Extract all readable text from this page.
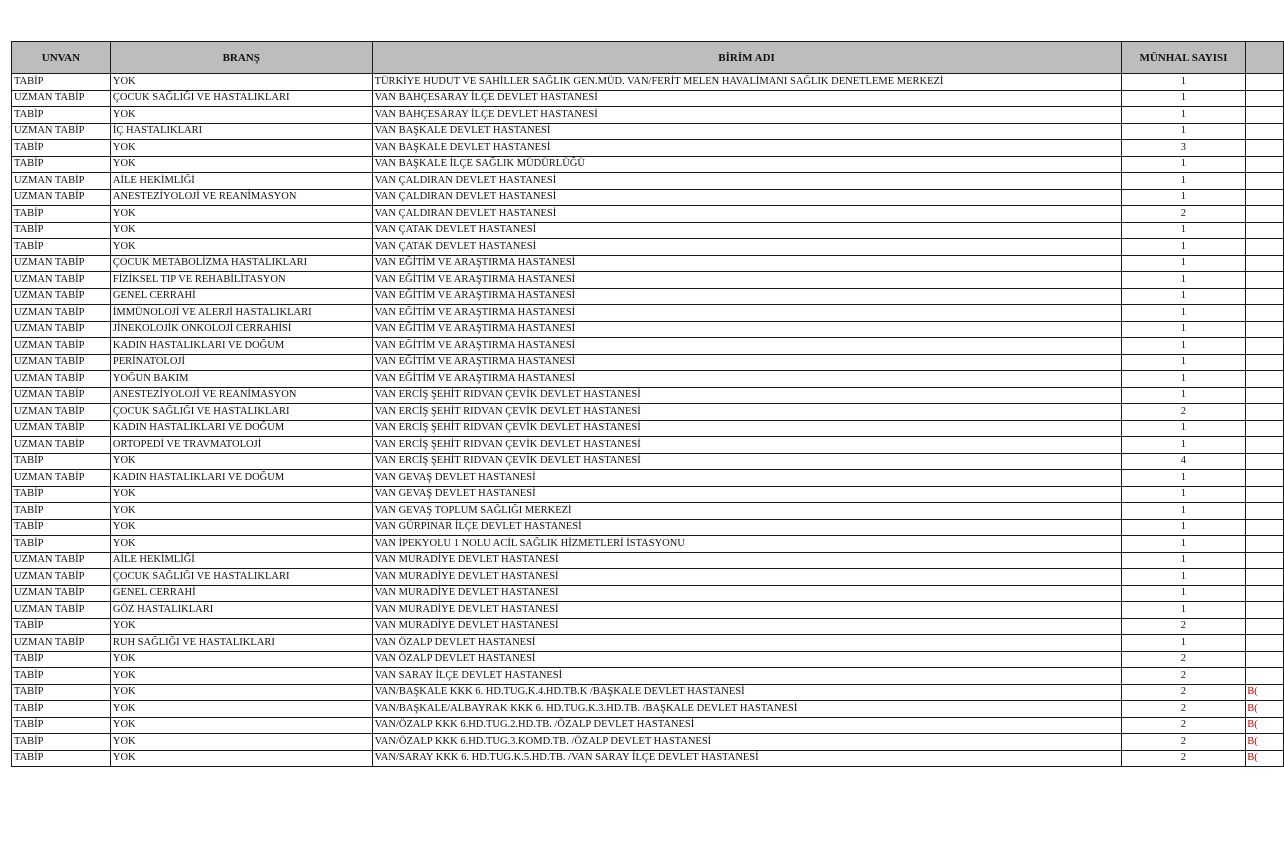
UNVAN	BRANŞ	BİRİM ADI	MÜNHAL SAYISI	
TABİP	YOK	TÜRKİYE HUDUT VE SAHİLLER SAĞLIK GEN.MÜD. VAN/FERİT MELEN HAVALİMANI SAĞLIK DENETLEME MERKEZİ	1	
UZMAN TABİP	ÇOCUK SAĞLIĞI VE HASTALIKLARI	VAN BAHÇESARAY İLÇE DEVLET HASTANESİ	1	
TABİP	YOK	VAN BAHÇESARAY İLÇE DEVLET HASTANESİ	1	
UZMAN TABİP	İÇ HASTALIKLARI	VAN BAŞKALE DEVLET HASTANESİ	1	
TABİP	YOK	VAN BAŞKALE DEVLET HASTANESİ	3	
TABİP	YOK	VAN BAŞKALE İLÇE SAĞLIK MÜDÜRLÜĞÜ	1	
UZMAN TABİP	AİLE HEKİMLİĞİ	VAN ÇALDIRAN DEVLET HASTANESİ	1	
UZMAN TABİP	ANESTEZİYOLOJİ VE REANİMASYON	VAN ÇALDIRAN DEVLET HASTANESİ	1	
TABİP	YOK	VAN ÇALDIRAN DEVLET HASTANESİ	2	
TABİP	YOK	VAN ÇATAK DEVLET HASTANESİ	1	
TABİP	YOK	VAN ÇATAK DEVLET HASTANESİ	1	
UZMAN TABİP	ÇOCUK METABOLİZMA HASTALIKLARI	VAN EĞİTİM VE ARAŞTIRMA HASTANESİ	1	
UZMAN TABİP	FİZİKSEL TIP VE REHABİLİTASYON	VAN EĞİTİM VE ARAŞTIRMA HASTANESİ	1	
UZMAN TABİP	GENEL CERRAHİ	VAN EĞİTİM VE ARAŞTIRMA HASTANESİ	1	
UZMAN TABİP	İMMÜNOLOJİ VE ALERJİ HASTALIKLARI	VAN EĞİTİM VE ARAŞTIRMA HASTANESİ	1	
UZMAN TABİP	JİNEKOLOJİK ONKOLOJİ CERRAHİSİ	VAN EĞİTİM VE ARAŞTIRMA HASTANESİ	1	
UZMAN TABİP	KADIN HASTALIKLARI VE DOĞUM	VAN EĞİTİM VE ARAŞTIRMA HASTANESİ	1	
UZMAN TABİP	PERİNATOLOJİ	VAN EĞİTİM VE ARAŞTIRMA HASTANESİ	1	
UZMAN TABİP	YOĞUN BAKIM	VAN EĞİTİM VE ARAŞTIRMA HASTANESİ	1	
UZMAN TABİP	ANESTEZİYOLOJİ VE REANİMASYON	VAN ERCİŞ ŞEHİT RIDVAN ÇEVİK DEVLET HASTANESİ	1	
UZMAN TABİP	ÇOCUK SAĞLIĞI VE HASTALIKLARI	VAN ERCİŞ ŞEHİT RIDVAN ÇEVİK DEVLET HASTANESİ	2	
UZMAN TABİP	KADIN HASTALIKLARI VE DOĞUM	VAN ERCİŞ ŞEHİT RIDVAN ÇEVİK DEVLET HASTANESİ	1	
UZMAN TABİP	ORTOPEDİ VE TRAVMATOLOJİ	VAN ERCİŞ ŞEHİT RIDVAN ÇEVİK DEVLET HASTANESİ	1	
TABİP	YOK	VAN ERCİŞ ŞEHİT RIDVAN ÇEVİK DEVLET HASTANESİ	4	
UZMAN TABİP	KADIN HASTALIKLARI VE DOĞUM	VAN GEVAŞ DEVLET HASTANESİ	1	
TABİP	YOK	VAN GEVAŞ DEVLET HASTANESİ	1	
TABİP	YOK	VAN GEVAŞ TOPLUM SAĞLIĞI MERKEZİ	1	
TABİP	YOK	VAN GÜRPINAR İLÇE DEVLET HASTANESİ	1	
TABİP	YOK	VAN İPEKYOLU 1 NOLU ACİL SAĞLIK HİZMETLERİ İSTASYONU	1	
UZMAN TABİP	AİLE HEKİMLİĞİ	VAN MURADİYE DEVLET HASTANESİ	1	
UZMAN TABİP	ÇOCUK SAĞLIĞI VE HASTALIKLARI	VAN MURADİYE DEVLET HASTANESİ	1	
UZMAN TABİP	GENEL CERRAHİ	VAN MURADİYE DEVLET HASTANESİ	1	
UZMAN TABİP	GÖZ HASTALIKLARI	VAN MURADİYE DEVLET HASTANESİ	1	
TABİP	YOK	VAN MURADİYE DEVLET HASTANESİ	2	
UZMAN TABİP	RUH SAĞLIĞI VE HASTALIKLARI	VAN ÖZALP DEVLET HASTANESİ	1	
TABİP	YOK	VAN ÖZALP DEVLET HASTANESİ	2	
TABİP	YOK	VAN SARAY İLÇE DEVLET HASTANESİ	2	
TABİP	YOK	VAN/BAŞKALE KKK 6. HD.TUG.K.4.HD.TB.K /BAŞKALE DEVLET HASTANESİ	2	B(
TABİP	YOK	VAN/BAŞKALE/ALBAYRAK KKK 6. HD.TUG.K.3.HD.TB. /BAŞKALE DEVLET HASTANESİ	2	B(
TABİP	YOK	VAN/ÖZALP KKK 6.HD.TUG.2.HD.TB. /ÖZALP DEVLET HASTANESİ	2	B(
TABİP	YOK	VAN/ÖZALP KKK 6.HD.TUG.3.KOMD.TB. /ÖZALP DEVLET HASTANESİ	2	B(
TABİP	YOK	VAN/SARAY KKK 6. HD.TUG.K.5.HD.TB. /VAN SARAY İLÇE DEVLET HASTANESİ	2	B(
